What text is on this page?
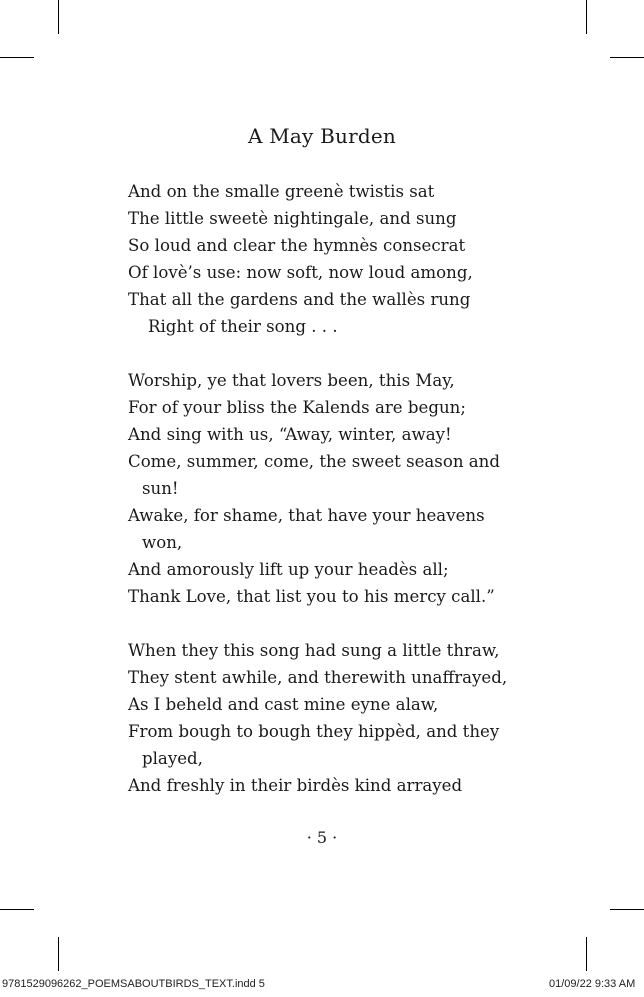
A May Burden
And on the smalle greenè twistis sat
The little sweetè nightingale, and sung
So loud and clear the hymnès consecrat
Of lovè’s use: now soft, now loud among,
That all the gardens and the wallès rung
Right of their song . . .
Worship, ye that lovers been, this May,
For of your bliss the Kalends are begun;
And sing with us, “Away, winter, away!
Come, summer, come, the sweet season and
sun!
Awake, for shame, that have your heavens
won,
And amorously lift up your headès all;
Thank Love, that list you to his mercy call.”
When they this song had sung a little thraw,
They stent awhile, and therewith unaffrayed,
As I beheld and cast mine eyne alaw,
From bough to bough they hippèd, and they
played,
And freshly in their birdès kind arrayed
· 5 ·
9781529096262_POEMSABOUTBIRDS_TEXT.indd 5	01/09/22 9:33 AM
